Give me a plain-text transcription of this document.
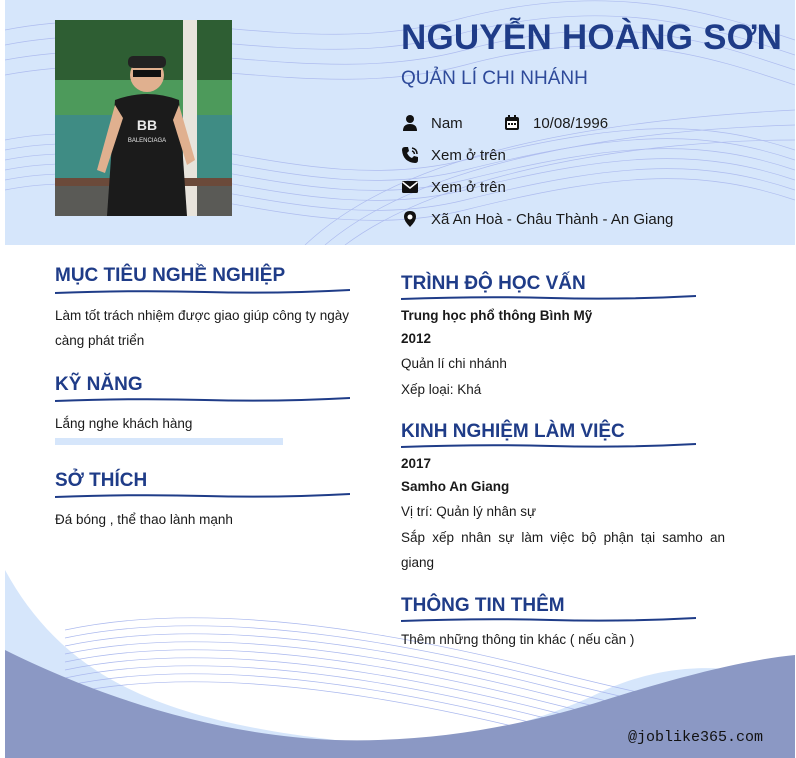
BB
BALENCIAGA
NGUYỄN HOÀNG SƠN
QUẢN LÍ CHI NHÁNH
Nam	10/08/1996
Xem ở trên
Xem ở trên
Xã An Hoà - Châu Thành - An Giang
MỤC TIÊU NGHỀ NGHIỆP
Làm tốt trách nhiệm được giao giúp công ty ngày càng phát triển
KỸ NĂNG
Lắng nghe khách hàng
SỞ THÍCH
Đá bóng , thể thao lành mạnh
TRÌNH ĐỘ HỌC VẤN
Trung học phổ thông Bình Mỹ
2012
Quản lí chi nhánh
Xếp loại: Khá
KINH NGHIỆM LÀM VIỆC
2017
Samho An Giang
Vị trí: Quản lý nhân sự
Sắp xếp nhân sự làm việc bộ phận tại samho an giang
THÔNG TIN THÊM
Thêm những thông tin khác ( nếu cần )
@joblike365.com
